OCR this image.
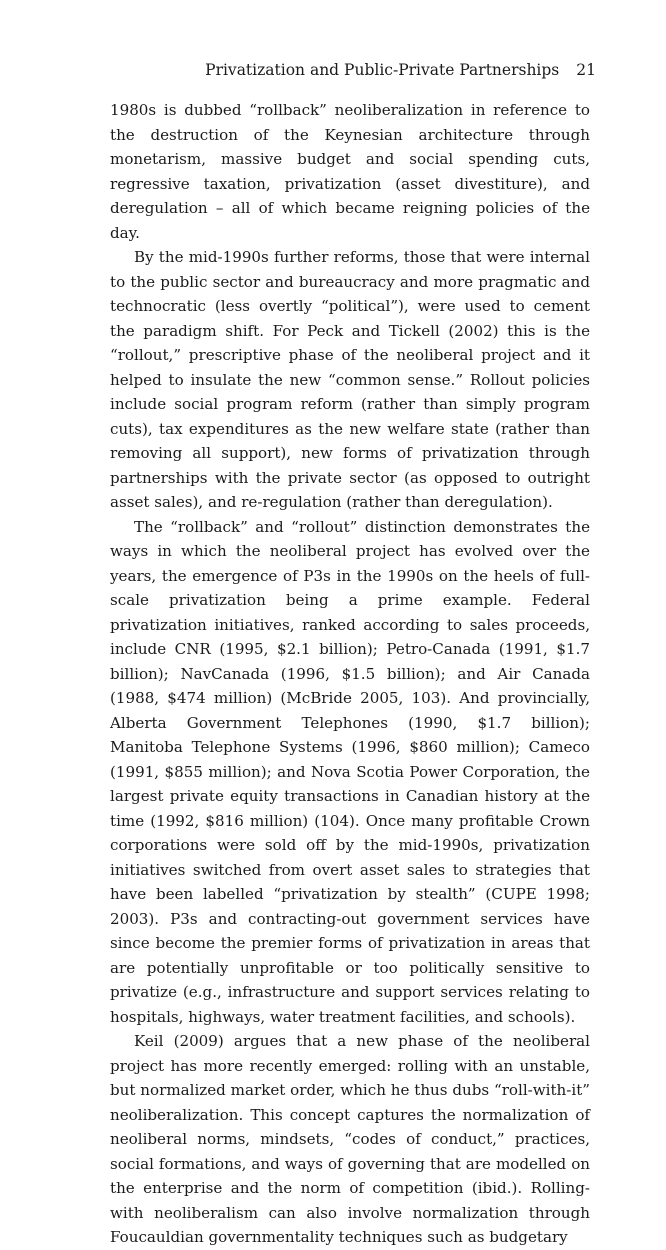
Privatization and Public-Private Partnerships 21

1980s is dubbed “rollback” neoliberalization in reference to the destruction of the Keynesian architecture through monetarism, massive budget and social spending cuts, regressive taxation, privatization (asset divestiture), and deregulation – all of which became reigning policies of the day.

By the mid-1990s further reforms, those that were internal to the public sector and bureaucracy and more pragmatic and technocratic (less overtly “political”), were used to cement the paradigm shift. For Peck and Tickell (2002) this is the “rollout,” prescriptive phase of the neoliberal project and it helped to insulate the new “common sense.” Rollout policies include social program reform (rather than simply program cuts), tax expenditures as the new welfare state (rather than removing all support), new forms of privatization through partnerships with the private sector (as opposed to outright asset sales), and re-regulation (rather than deregulation).

The “rollback” and “rollout” distinction demonstrates the ways in which the neoliberal project has evolved over the years, the emergence of P3s in the 1990s on the heels of full-scale privatization being a prime example. Federal privatization initiatives, ranked according to sales proceeds, include CNR (1995, $2.1 billion); Petro-Canada (1991, $1.7 billion); NavCanada (1996, $1.5 billion); and Air Canada (1988, $474 million) (McBride 2005, 103). And provincially, Alberta Government Telephones (1990, $1.7 billion); Manitoba Telephone Systems (1996, $860 million); Cameco (1991, $855 million); and Nova Scotia Power Corporation, the largest private equity transactions in Canadian history at the time (1992, $816 million) (104). Once many profitable Crown corporations were sold off by the mid-1990s, privatization initiatives switched from overt asset sales to strategies that have been labelled “privatization by stealth” (CUPE 1998; 2003). P3s and contracting-out government services have since become the premier forms of privatization in areas that are potentially unprofitable or too politically sensitive to privatize (e.g., infrastructure and support services relating to hospitals, highways, water treatment facilities, and schools).

Keil (2009) argues that a new phase of the neoliberal project has more recently emerged: rolling with an unstable, but normalized market order, which he thus dubs “roll-with-it” neoliberalization. This concept captures the normalization of neoliberal norms, mindsets, “codes of conduct,” practices, social formations, and ways of governing that are modelled on the enterprise and the norm of competition (ibid.). Rolling-with neoliberalism can also involve normalization through Foucauldian governmentality techniques such as budgetary
